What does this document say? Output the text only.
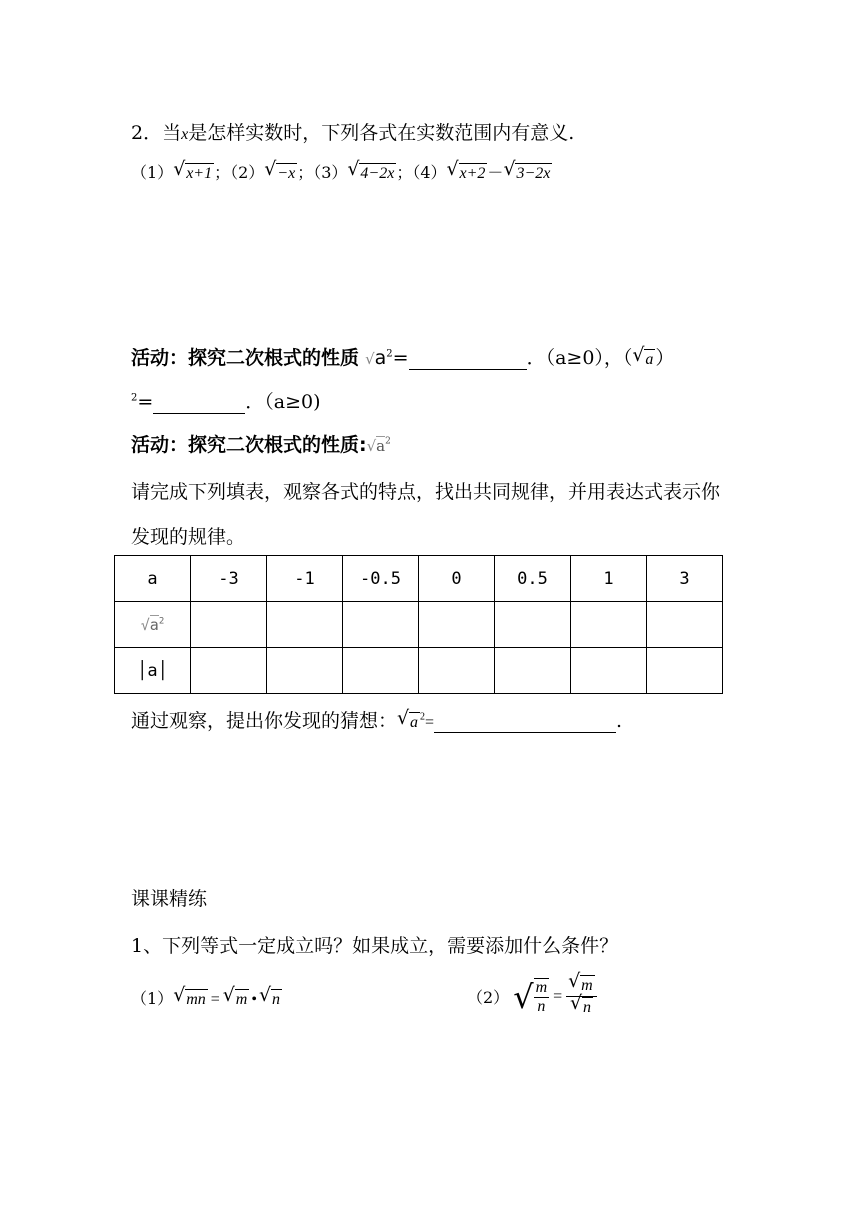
2．当x是怎样实数时，下列各式在实数范围内有意义.
（1） √ x+1 ；（2） √ −x ；（3） √ 4−2x ；（4） √ x+2 － √ 3−2x
活动：探究二次根式的性质 $√a^2=$	．（a≥0），（ √ a ）
$^2$=	．（a≥0)
活动：探究二次根式的性质$:√a^2$
请完成下列填表，观察各式的特点，找出共同规律，并用表达式表示你
发现的规律。
a	-3	-1	-0.5	0	0.5	1	3
$√a^2$							
│a│							
通过观察，提出你发现的猜想： √ a $^2$=	.
课课精练
1、下列等式一定成立吗？如果成立，需要添加什么条件？
（1） √ mn = √ m • √ n	（2） √ $\frac{m}{n}$ = √ m
√ n
